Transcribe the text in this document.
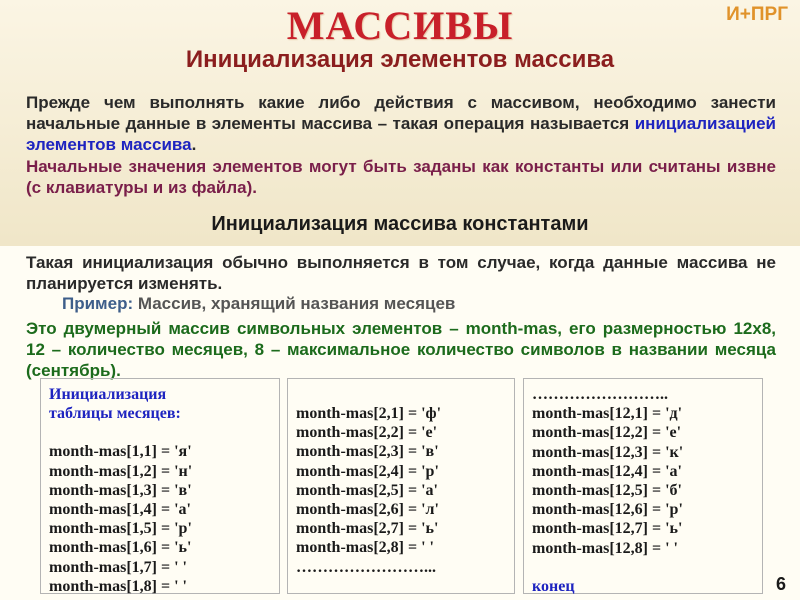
МАССИВЫ	И+ПРГ
Инициализация элементов массива
Прежде чем выполнять какие либо действия с массивом, необходимо занести начальные данные в элементы массива – такая операция называется инициализацией элементов массива.
Начальные значения элементов могут быть заданы как константы или считаны извне (с клавиатуры и из файла).
Инициализация массива константами
Такая инициализация обычно выполняется в том случае, когда данные массива не планируется изменять.
Пример: Массив, хранящий названия месяцев
Это двумерный массив символьных элементов – month-mas, его размерностью 12x8, 12 – количество месяцев, 8 – максимальное количество символов в названии месяца (сентябрь).
Инициализация
таблицы месяцев:
month-mas[1,1] = 'я'
month-mas[1,2] = 'н'
month-mas[1,3] = 'в'
month-mas[1,4] = 'а'
month-mas[1,5] = 'р'
month-mas[1,6] = 'ь'
month-mas[1,7] = ' '
month-mas[1,8] = ' '
month-mas[2,1] = 'ф'
month-mas[2,2] = 'е'
month-mas[2,3] = 'в'
month-mas[2,4] = 'р'
month-mas[2,5] = 'а'
month-mas[2,6] = 'л'
month-mas[2,7] = 'ь'
month-mas[2,8] = ' '
……………………...
……………………..
month-mas[12,1] = 'д'
month-mas[12,2] = 'е'
month-mas[12,3] = 'к'
month-mas[12,4] = 'а'
month-mas[12,5] = 'б'
month-mas[12,6] = 'р'
month-mas[12,7] = 'ь'
month-mas[12,8] = ' '
конец	6
